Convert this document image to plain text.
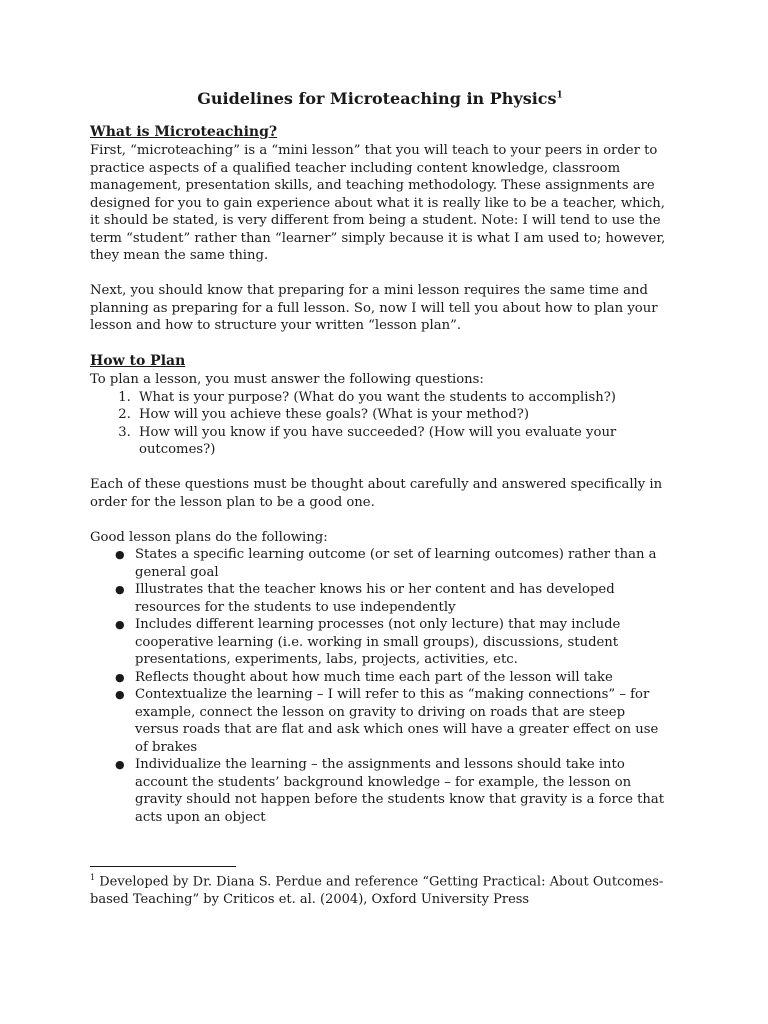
Guidelines for Microteaching in Physics$^1$
What is Microteaching?

First, “microteaching” is a “mini lesson” that you will teach to your peers in order to practice aspects of a qualified teacher including content knowledge, classroom management, presentation skills, and teaching methodology. These assignments are designed for you to gain experience about what it is really like to be a teacher, which, it should be stated, is very different from being a student. Note: I will tend to use the term “student” rather than “learner” simply because it is what I am used to; however, they mean the same thing.

Next, you should know that preparing for a mini lesson requires the same time and planning as preparing for a full lesson. So, now I will tell you about how to plan your lesson and how to structure your written “lesson plan”.

How to Plan

To plan a lesson, you must answer the following questions:

1. What is your purpose? (What do you want the students to accomplish?)
2. How will you achieve these goals? (What is your method?)
3. How will you know if you have succeeded? (How will you evaluate your outcomes?)

Each of these questions must be thought about carefully and answered specifically in order for the lesson plan to be a good one.

Good lesson plans do the following:

● States a specific learning outcome (or set of learning outcomes) rather than a general goal
● Illustrates that the teacher knows his or her content and has developed resources for the students to use independently
● Includes different learning processes (not only lecture) that may include cooperative learning (i.e. working in small groups), discussions, student presentations, experiments, labs, projects, activities, etc.
● Reflects thought about how much time each part of the lesson will take
● Contextualize the learning – I will refer to this as “making connections” – for example, connect the lesson on gravity to driving on roads that are steep versus roads that are flat and ask which ones will have a greater effect on use of brakes
● Individualize the learning – the assignments and lessons should take into account the students’ background knowledge – for example, the lesson on gravity should not happen before the students know that gravity is a force that acts upon an object

$^1$ Developed by Dr. Diana S. Perdue and reference “Getting Practical: About Outcomes-based Teaching” by Criticos et. al. (2004), Oxford University Press
